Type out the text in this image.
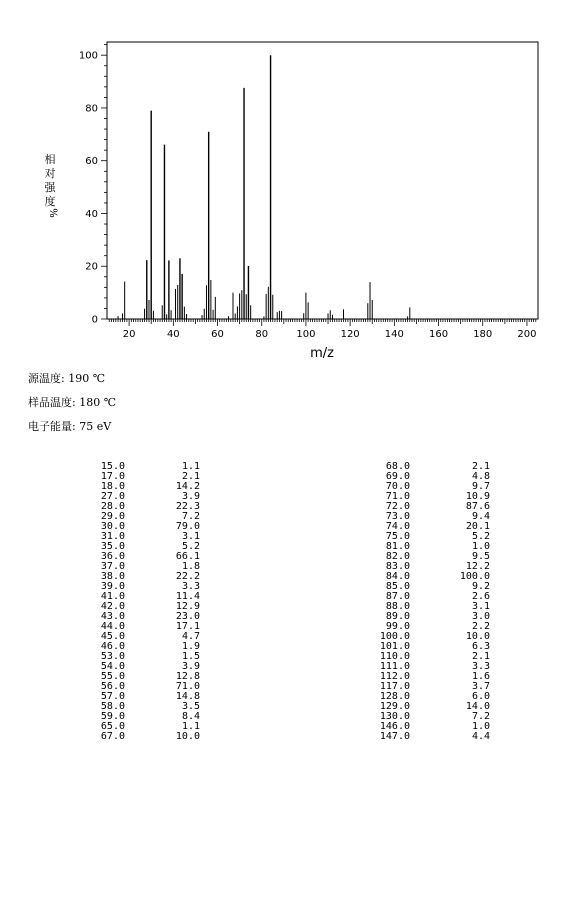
20	40	60	80	100	120	140	160	180	200
0
20
40
60
80
100
m/z
相
对
强
度
%
源温度: 190 ℃
样品温度: 180 ℃
电子能量: 75 eV
15.0	1.1
17.0	2.1
18.0	14.2
27.0	3.9
28.0	22.3
29.0	7.2
30.0	79.0
31.0	3.1
35.0	5.2
36.0	66.1
37.0	1.8
38.0	22.2
39.0	3.3
41.0	11.4
42.0	12.9
43.0	23.0
44.0	17.1
45.0	4.7
46.0	1.9
53.0	1.5
54.0	3.9
55.0	12.8
56.0	71.0
57.0	14.8
58.0	3.5
59.0	8.4
65.0	1.1
67.0	10.0
68.0	2.1
69.0	4.8
70.0	9.7
71.0	10.9
72.0	87.6
73.0	9.4
74.0	20.1
75.0	5.2
81.0	1.0
82.0	9.5
83.0	12.2
84.0	100.0
85.0	9.2
87.0	2.6
88.0	3.1
89.0	3.0
99.0	2.2
100.0	10.0
101.0	6.3
110.0	2.1
111.0	3.3
112.0	1.6
117.0	3.7
128.0	6.0
129.0	14.0
130.0	7.2
146.0	1.0
147.0	4.4
